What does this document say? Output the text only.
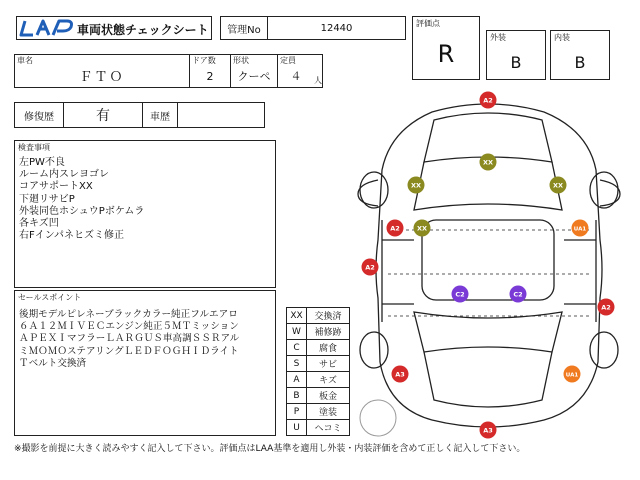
車両状態チェックシート	管理No	12440	評価点
R
外装
B
内装
B
車名
ＦＴＯ
ドア数
2
形状
クーペ
定員
４	人
修復歴	有	車歴
検査事項
左PW不良
ルーム内スレヨゴレ
コアサポートXX
下廻リサビP
外装同色ホシュウPボケムラ
各キズ凹
右Fインパネヒズミ修正
セールスポイント
後期モデルピレネーブラックカラー純正フルエアロ
６Ａ１２ＭＩＶＥＣエンジン純正５ＭＴミッション
ＡＰＥＸＩマフラーＬＡＲＧＵＳ車高調ＳＳＲアル
ミＭＯＭＯステアリングＬＥＤＦＯＧＨＩＤライト
Ｔベルト交換済
XX	交換済
W	補修跡
C	腐食
S	サビ
A	キズ
B	板金
P	塗装
U	ヘコミ
A2
XX
XX	XX
A2	XX	UA1
A2
C2	C2
A2
A3	UA1
A3
※撮影を前提に大きく読みやすく記入して下さい。評価点はLAA基準を適用し外装・内装評価を含めて正しく記入して下さい。
